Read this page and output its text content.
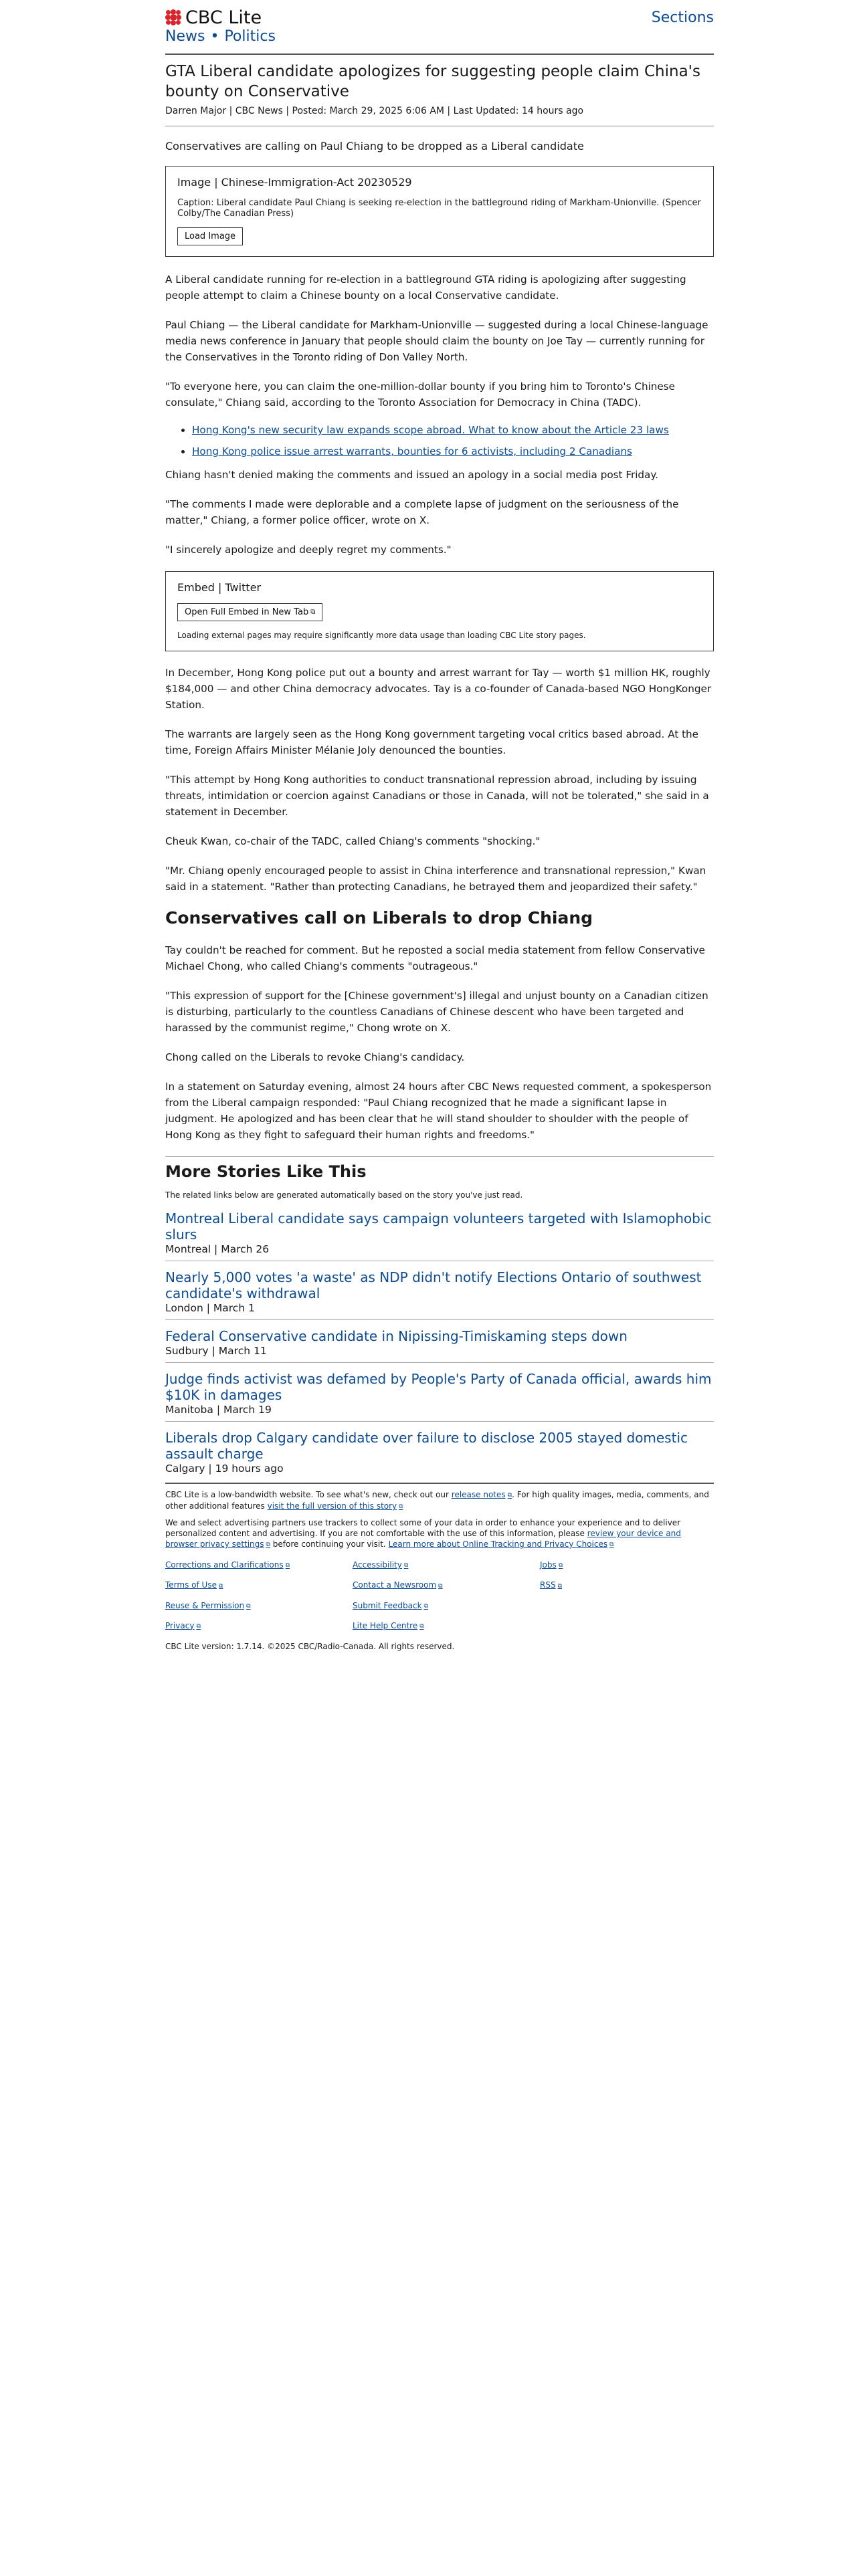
CBC Lite	Sections
News • Politics
GTA Liberal candidate apologizes for suggesting people claim China's bounty on Conservative
Darren Major | CBC News | Posted: March 29, 2025 6:06 AM | Last Updated: 14 hours ago
Conservatives are calling on Paul Chiang to be dropped as a Liberal candidate
Image | Chinese-Immigration-Act 20230529
Caption: Liberal candidate Paul Chiang is seeking re-election in the battleground riding of Markham-Unionville. (Spencer Colby/The Canadian Press)
Load Image

A Liberal candidate running for re-election in a battleground GTA riding is apologizing after suggesting people attempt to claim a Chinese bounty on a local Conservative candidate.

Paul Chiang — the Liberal candidate for Markham-Unionville — suggested during a local Chinese-language media news conference in January that people should claim the bounty on Joe Tay — currently running for the Conservatives in the Toronto riding of Don Valley North.

"To everyone here, you can claim the one-million-dollar bounty if you bring him to Toronto's Chinese consulate," Chiang said, according to the Toronto Association for Democracy in China (TADC).

• Hong Kong's new security law expands scope abroad. What to know about the Article 23 laws
• Hong Kong police issue arrest warrants, bounties for 6 activists, including 2 Canadians

Chiang hasn't denied making the comments and issued an apology in a social media post Friday.

"The comments I made were deplorable and a complete lapse of judgment on the seriousness of the matter," Chiang, a former police officer, wrote on X.

"I sincerely apologize and deeply regret my comments."

Embed | Twitter
Open Full Embed in New Tab ⧉
Loading external pages may require significantly more data usage than loading CBC Lite story pages.

In December, Hong Kong police put out a bounty and arrest warrant for Tay — worth $1 million HK, roughly $184,000 — and other China democracy advocates. Tay is a co-founder of Canada-based NGO HongKonger Station.

The warrants are largely seen as the Hong Kong government targeting vocal critics based abroad. At the time, Foreign Affairs Minister Mélanie Joly denounced the bounties.

"This attempt by Hong Kong authorities to conduct transnational repression abroad, including by issuing threats, intimidation or coercion against Canadians or those in Canada, will not be tolerated," she said in a statement in December.

Cheuk Kwan, co-chair of the TADC, called Chiang's comments "shocking."

"Mr. Chiang openly encouraged people to assist in China interference and transnational repression," Kwan said in a statement. "Rather than protecting Canadians, he betrayed them and jeopardized their safety."

Conservatives call on Liberals to drop Chiang

Tay couldn't be reached for comment. But he reposted a social media statement from fellow Conservative Michael Chong, who called Chiang's comments "outrageous."

"This expression of support for the [Chinese government's] illegal and unjust bounty on a Canadian citizen is disturbing, particularly to the countless Canadians of Chinese descent who have been targeted and harassed by the communist regime," Chong wrote on X.

Chong called on the Liberals to revoke Chiang's candidacy.

In a statement on Saturday evening, almost 24 hours after CBC News requested comment, a spokesperson from the Liberal campaign responded: "Paul Chiang recognized that he made a significant lapse in judgment. He apologized and has been clear that he will stand shoulder to shoulder with the people of Hong Kong as they fight to safeguard their human rights and freedoms."

More Stories Like This
The related links below are generated automatically based on the story you've just read.
Montreal Liberal candidate says campaign volunteers targeted with Islamophobic slurs
Montreal | March 26
Nearly 5,000 votes 'a waste' as NDP didn't notify Elections Ontario of southwest candidate's withdrawal
London | March 1
Federal Conservative candidate in Nipissing-Timiskaming steps down
Sudbury | March 11
Judge finds activist was defamed by People's Party of Canada official, awards him $10K in damages
Manitoba | March 19
Liberals drop Calgary candidate over failure to disclose 2005 stayed domestic assault charge
Calgary | 19 hours ago

CBC Lite is a low-bandwidth website. To see what's new, check out our release notes ⧉ . For high quality images, media, comments, and other additional features visit the full version of this story ⧉

We and select advertising partners use trackers to collect some of your data in order to enhance your experience and to deliver personalized content and advertising. If you are not comfortable with the use of this information, please review your device and browser privacy settings ⧉ before continuing your visit. Learn more about Online Tracking and Privacy Choices ⧉

Corrections and Clarifications ⧉	Accessibility ⧉	Jobs ⧉
Terms of Use ⧉	Contact a Newsroom ⧉	RSS ⧉
Reuse & Permission ⧉	Submit Feedback ⧉
Privacy ⧉	Lite Help Centre ⧉
CBC Lite version: 1.7.14. ©2025 CBC/Radio-Canada. All rights reserved.
